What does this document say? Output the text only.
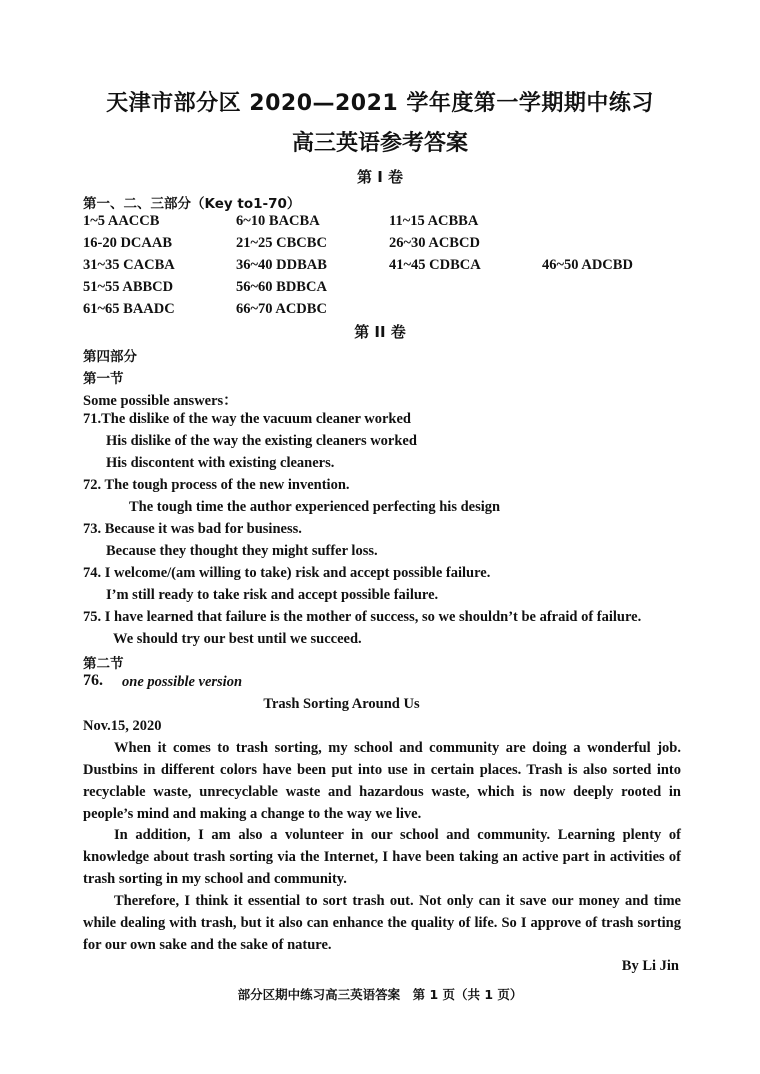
天津市部分区 2020—2021 学年度第一学期期中练习
高三英语参考答案
第 I 卷
第一、二、三部分（Key to1-70）
1~5 AACCB	6~10 BACBA	11~15 ACBBA
16-20 DCAAB	21~25 CBCBC	26~30 ACBCD
31~35 CACBA	36~40 DDBAB	41~45 CDBCA	46~50 ADCBD
51~55 ABBCD	56~60 BDBCA
61~65 BAADC	66~70 ACDBC
第 II 卷
第四部分
第一节
Some possible answers：
71.The dislike of the way the vacuum cleaner worked
His dislike of the way the existing cleaners worked
His discontent with existing cleaners.
72. The tough process of the new invention.
The tough time the author experienced perfecting his design
73. Because it was bad for business.
Because they thought they might suffer loss.
74. I welcome/(am willing to take) risk and accept possible failure.
I’m still ready to take risk and accept possible failure.
75. I have learned that failure is the mother of success, so we shouldn’t be afraid of failure.
We should try our best until we succeed.
第二节
76. one possible version
Trash Sorting Around Us
Nov.15, 2020
When it comes to trash sorting, my school and community are doing a wonderful job. Dustbins in different colors have been put into use in certain places. Trash is also sorted into recyclable waste, unrecyclable waste and hazardous waste, which is now deeply rooted in people’s mind and making a change to the way we live.
In addition, I am also a volunteer in our school and community. Learning plenty of knowledge about trash sorting via the Internet, I have been taking an active part in activities of trash sorting in my school and community.
Therefore, I think it essential to sort trash out. Not only can it save our money and time while dealing with trash, but it also can enhance the quality of life. So I approve of trash sorting for our own sake and the sake of nature.
By Li Jin
部分区期中练习高三英语答案　第 1 页（共 1 页）
